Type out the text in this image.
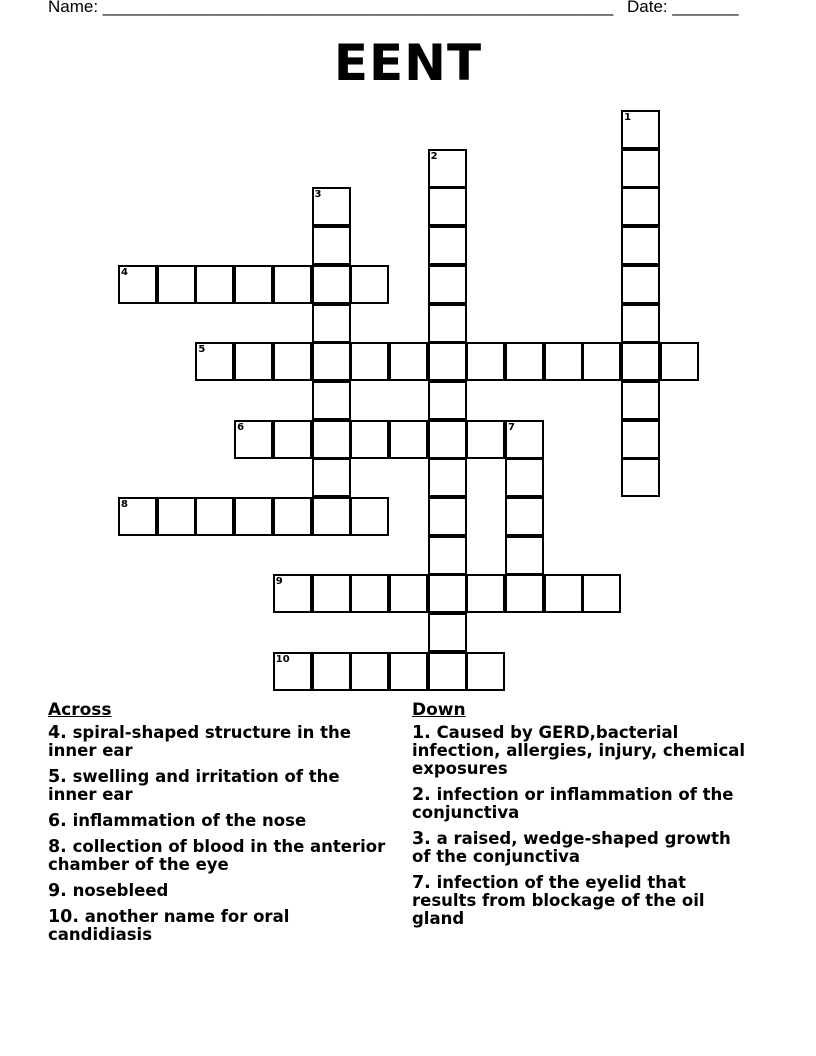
Name: ______________________________________________________ Date: _______
EENT
1
2
3
4
5
6	7
8
9
10
Across
4. spiral-shaped structure in the inner ear
5. swelling and irritation of the inner ear
6. inflammation of the nose
8. collection of blood in the anterior chamber of the eye
9. nosebleed
10. another name for oral candidiasis
Down
1. Caused by GERD,bacterial infection, allergies, injury, chemical exposures
2. infection or inflammation of the conjunctiva
3. a raised, wedge-shaped growth of the conjunctiva
7. infection of the eyelid that results from blockage of the oil gland
